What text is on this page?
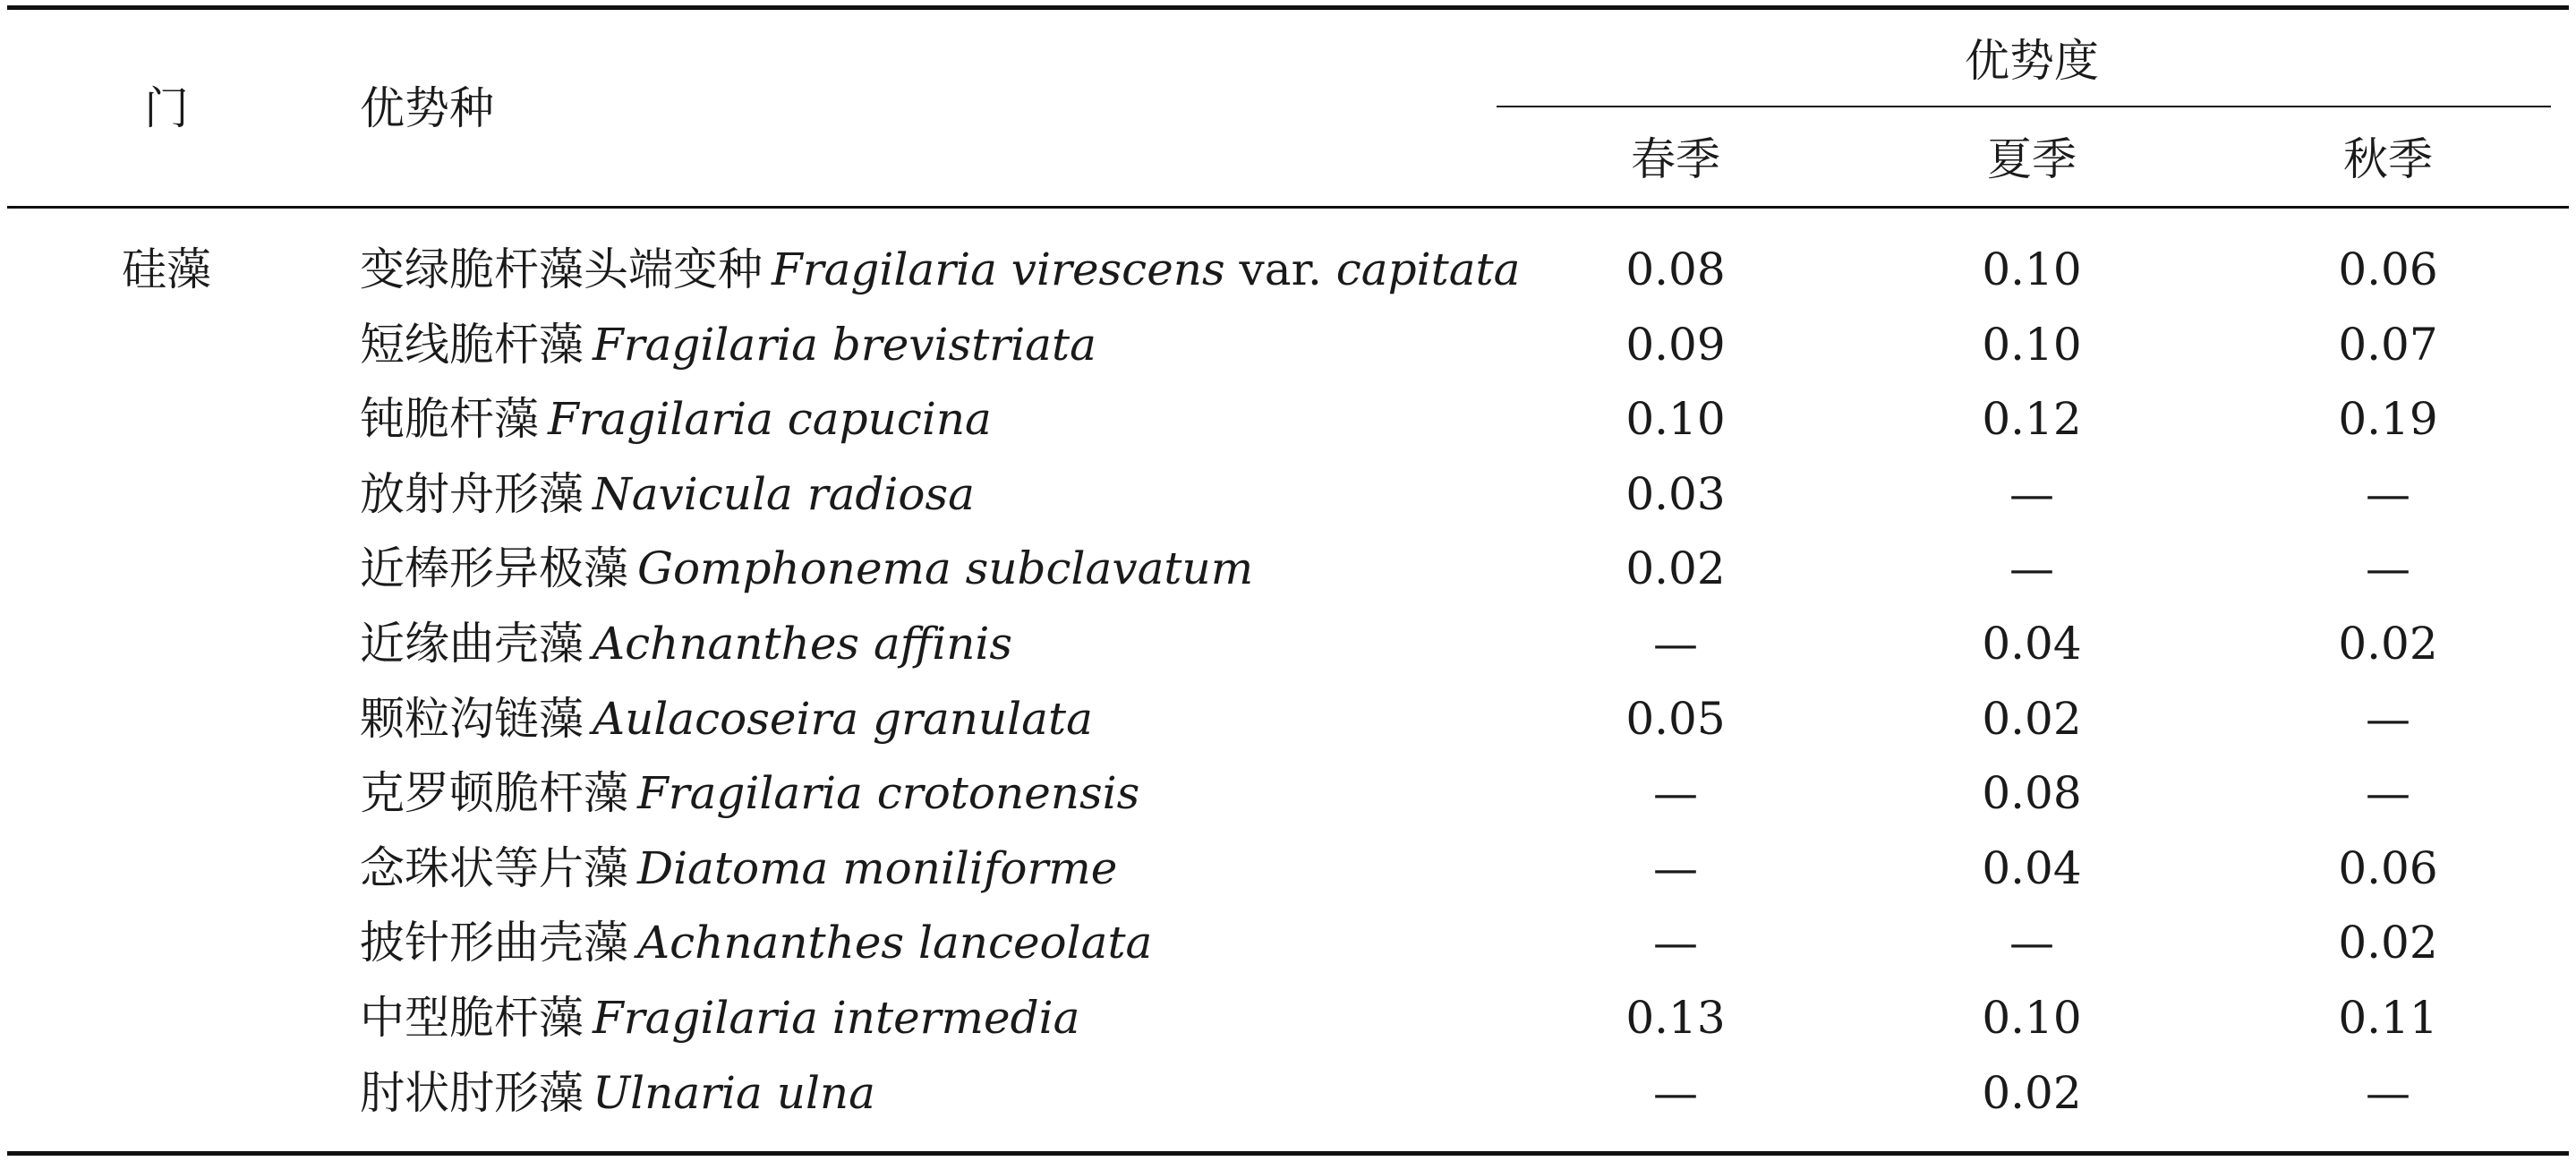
门	优势种
优势度
春季	夏季	秋季
硅藻	变绿脆杆藻头端变种 Fragilaria virescens var. capitata 0.08	0.10	0.06
短线脆杆藻 Fragilaria brevistriata	0.09	0.10	0.07
钝脆杆藻 Fragilaria capucina	0.10	0.12	0.19
放射舟形藻 Navicula radiosa	0.03	—	—
近棒形异极藻 Gomphonema subclavatum	0.02	—	—
近缘曲壳藻 Achnanthes affinis	—	0.04	0.02
颗粒沟链藻 Aulacoseira granulata	0.05	0.02	—
克罗顿脆杆藻 Fragilaria crotonensis	—	0.08	—
念珠状等片藻 Diatoma moniliforme	—	0.04	0.06
披针形曲壳藻 Achnanthes lanceolata	—	—	0.02
中型脆杆藻 Fragilaria intermedia	0.13	0.10	0.11
肘状肘形藻 Ulnaria ulna	—	0.02	—
